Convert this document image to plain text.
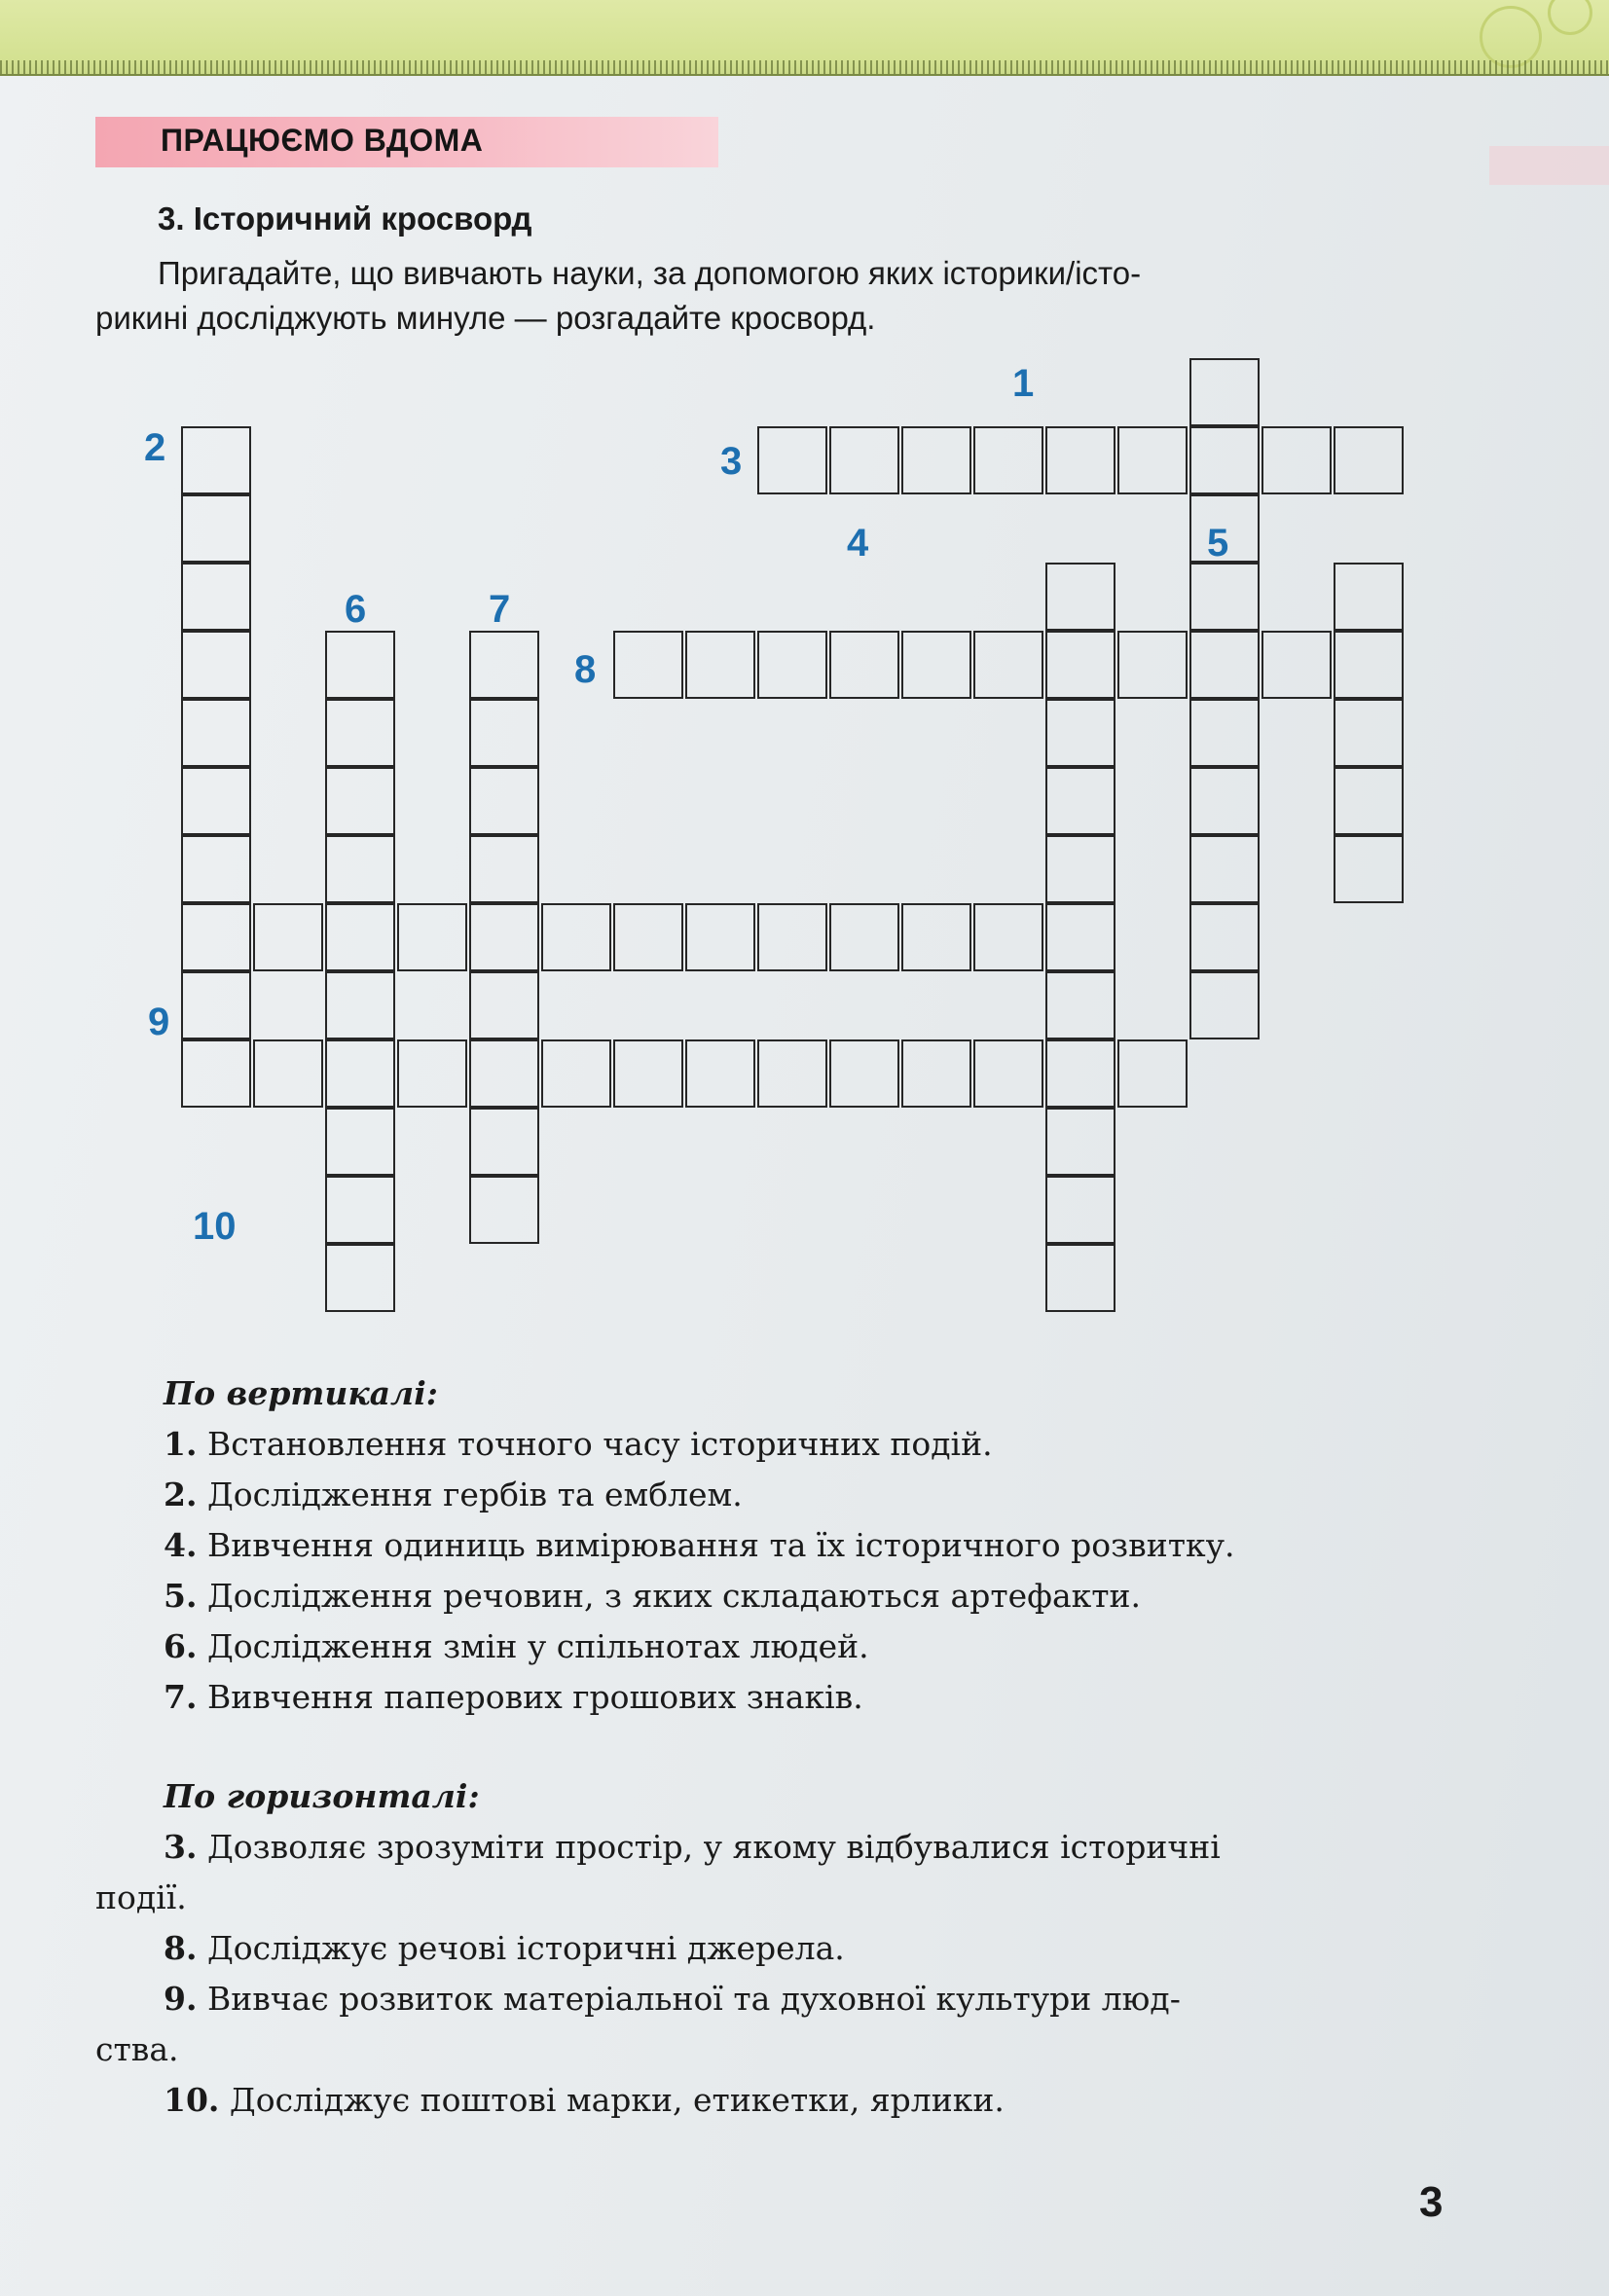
ПРАЦЮЄМО ВДОМА
3. Історичний кросворд
Пригадайте, що вивчають науки, за допомогою яких історики/істо-
рикині досліджують минуле — розгадайте кросворд.
1
2	3
4	5
6	7
8
9
10
По вертикалі:
1. Встановлення точного часу історичних подій.
2. Дослідження гербів та емблем.
4. Вивчення одиниць вимірювання та їх історичного розвитку.
5. Дослідження речовин, з яких складаються артефакти.
6. Дослідження змін у спільнотах людей.
7. Вивчення паперових грошових знаків.
По горизонталі:
3. Дозволяє зрозуміти простір, у якому відбувалися історичні
події.
8. Досліджує речові історичні джерела.
9. Вивчає розвиток матеріальної та духовної культури люд-
ства.
10. Досліджує поштові марки, етикетки, ярлики.
3
